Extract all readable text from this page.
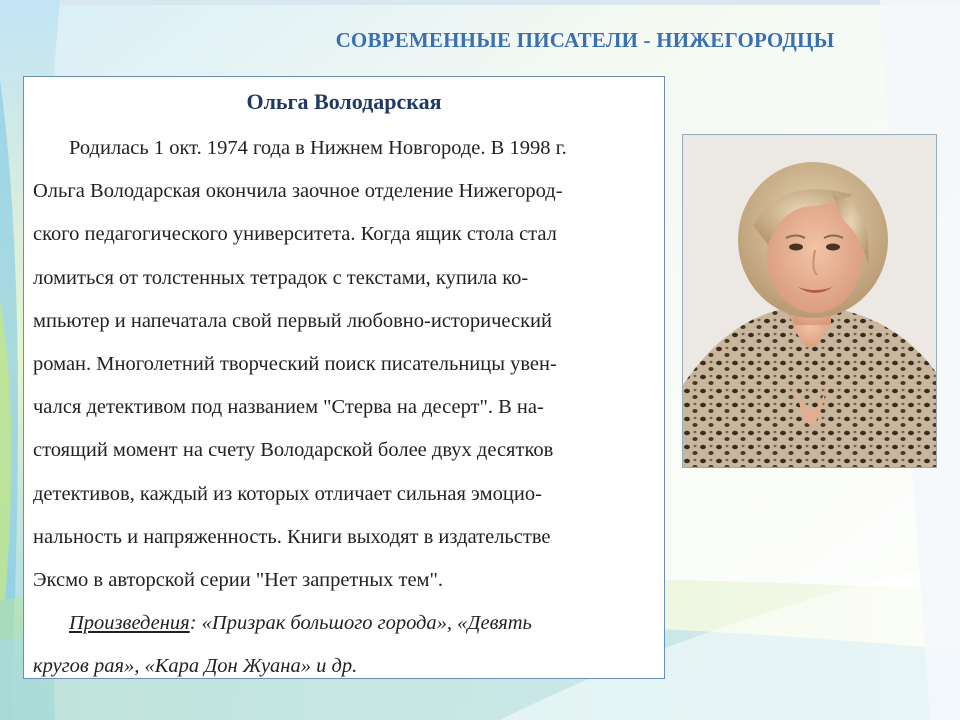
СОВРЕМЕННЫЕ ПИСАТЕЛИ - НИЖЕГОРОДЦЫ
Ольга Володарская
Родилась 1 окт. 1974 года в Нижнем Новгороде. В 1998 г.
Ольга Володарская окончила заочное отделение Нижегород-
ского педагогического университета. Когда ящик стола стал
ломиться от толстенных тетрадок с текстами, купила ко-
мпьютер и напечатала свой первый любовно-исторический
роман. Многолетний творческий поиск писательницы увен-
чался детективом под названием "Стерва на десерт". В на-
стоящий момент на счету Володарской более двух десятков
детективов, каждый из которых отличает сильная эмоцио-
нальность и напряженность. Книги выходят в издательстве
Эксмо в авторской серии "Нет запретных тем".
Произведения: «Призрак большого города», «Девять
кругов рая», «Кара Дон Жуана» и др.
